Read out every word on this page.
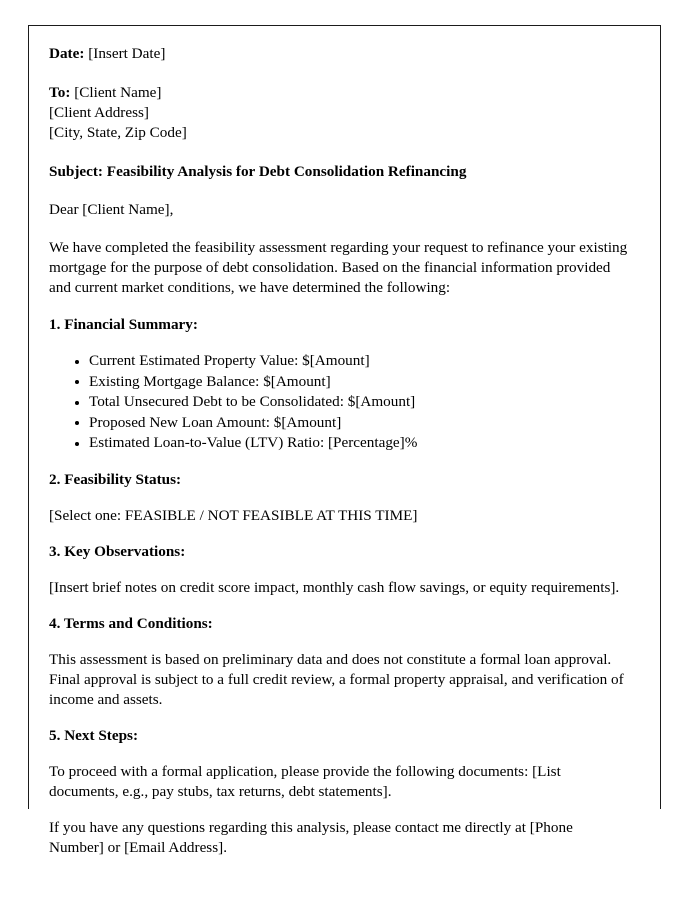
Date: [Insert Date]
To: [Client Name]
[Client Address]
[City, State, Zip Code]
Subject: Feasibility Analysis for Debt Consolidation Refinancing
Dear [Client Name],

We have completed the feasibility assessment regarding your request to refinance your existing mortgage for the purpose of debt consolidation. Based on the financial information provided and current market conditions, we have determined the following:

1. Financial Summary:
Current Estimated Property Value: $[Amount]
Existing Mortgage Balance: $[Amount]
Total Unsecured Debt to be Consolidated: $[Amount]
Proposed New Loan Amount: $[Amount]
Estimated Loan-to-Value (LTV) Ratio: [Percentage]%
2. Feasibility Status:

[Select one: FEASIBLE / NOT FEASIBLE AT THIS TIME]

3. Key Observations:

[Insert brief notes on credit score impact, monthly cash flow savings, or equity requirements].

4. Terms and Conditions:

This assessment is based on preliminary data and does not constitute a formal loan approval. Final approval is subject to a full credit review, a formal property appraisal, and verification of income and assets.

5. Next Steps:

To proceed with a formal application, please provide the following documents: [List documents, e.g., pay stubs, tax returns, debt statements].

If you have any questions regarding this analysis, please contact me directly at [Phone Number] or [Email Address].
